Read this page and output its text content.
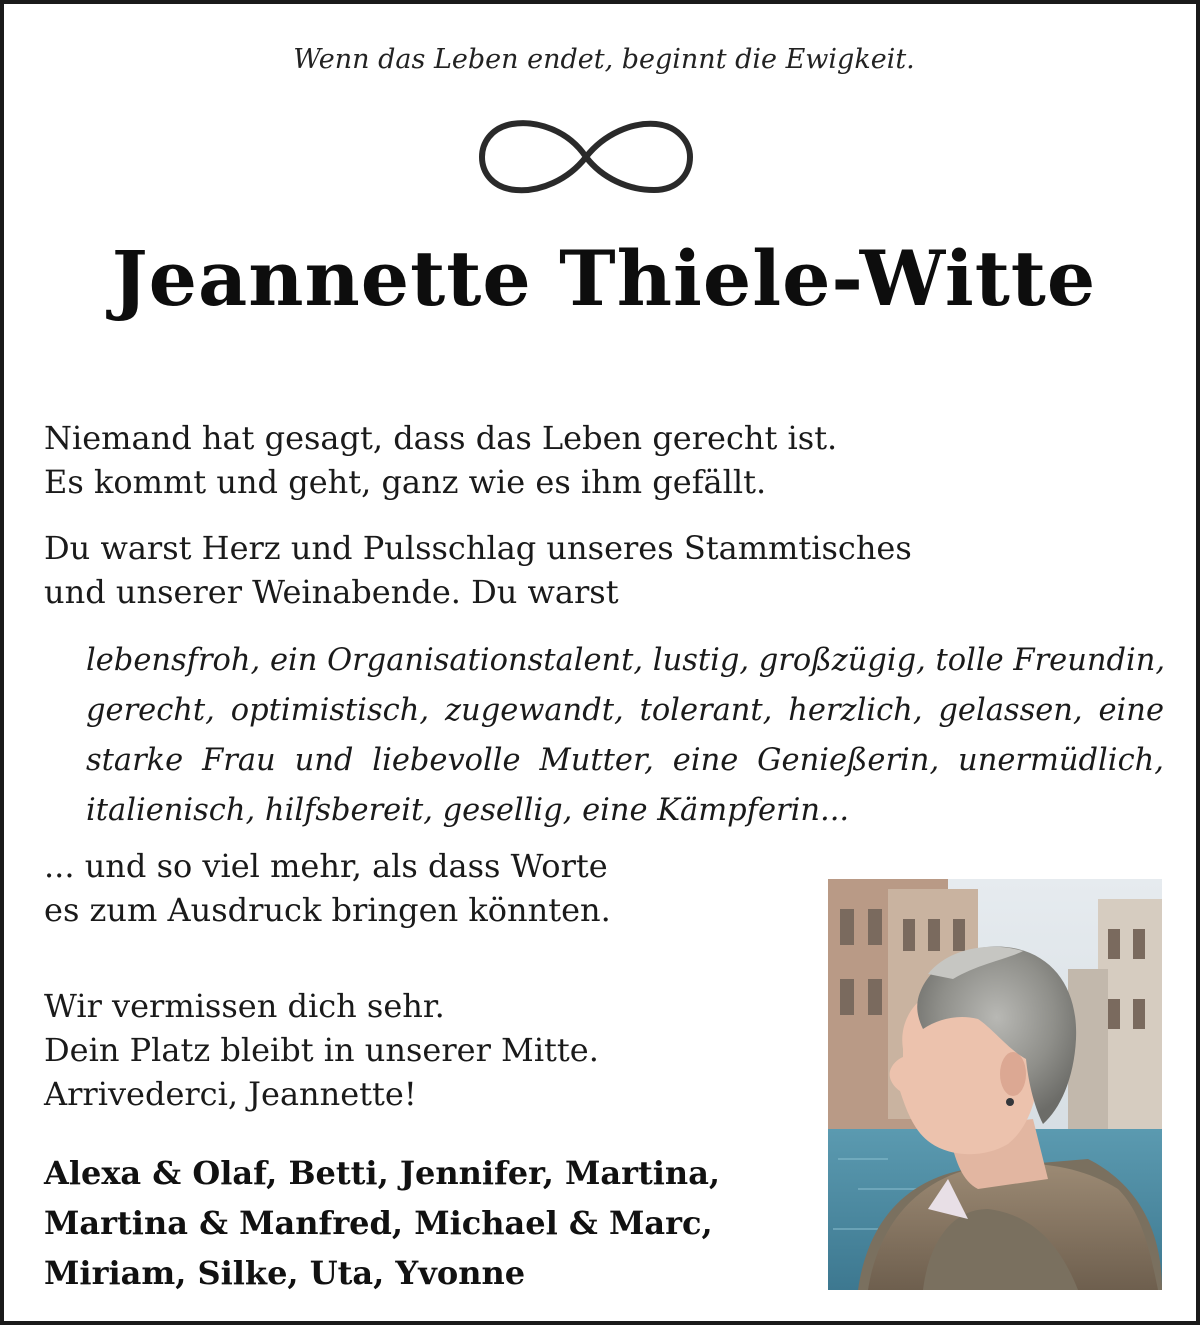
Wenn das Leben endet, beginnt die Ewigkeit.
Jeannette Thiele-Witte
Niemand hat gesagt, dass das Leben gerecht ist.
Es kommt und geht, ganz wie es ihm gefällt.
Du warst Herz und Pulsschlag unseres Stammtisches
und unserer Weinabende. Du warst
lebensfroh, ein Organisationstalent, lustig, großzügig, tolle Freundin,
gerecht, optimistisch, zugewandt, tolerant, herzlich, gelassen, eine
starke Frau und liebevolle Mutter, eine Genießerin, unermüdlich,
italienisch, hilfsbereit, gesellig, eine Kämpferin...
... und so viel mehr, als dass Worte
es zum Ausdruck bringen könnten.
Wir vermissen dich sehr.
Dein Platz bleibt in unserer Mitte.
Arrivederci, Jeannette!
Alexa & Olaf, Betti, Jennifer, Martina,
Martina & Manfred, Michael & Marc,
Miriam, Silke, Uta, Yvonne
